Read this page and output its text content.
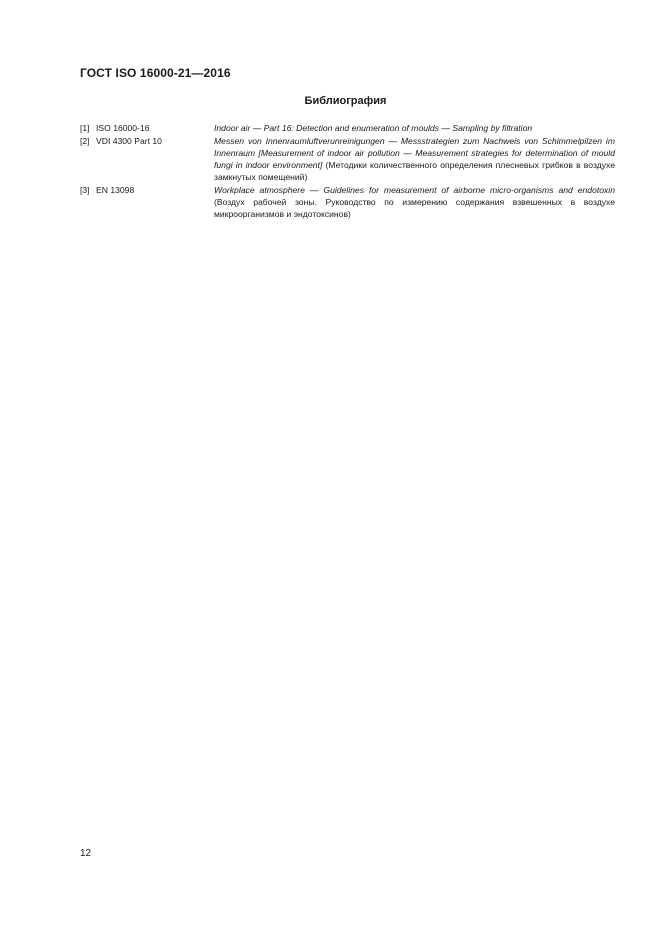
ГОСТ ISO 16000-21—2016
Библиография
[1] ISO 16000-16	Indoor air — Part 16: Detection and enumeration of moulds — Sampling by filtration
[2] VDI 4300 Part 10	Messen von Innenraumluftverunreinigungen — Messstrategien zum Nachweis von Schimmelpilzen im Innenraum [Measurement of indoor air pollution — Measurement strategies for determination of mould fungi in indoor environment] (Методики количественного определения плесневых грибков в воздухе замкнутых помещений)
[3] EN 13098	Workplace atmosphere — Guidelines for measurement of airborne micro-organisms and endotoxin (Воздух рабочей зоны. Руководство по измерению содержания взвешенных в воздухе микроорганизмов и эндотоксинов)
12
